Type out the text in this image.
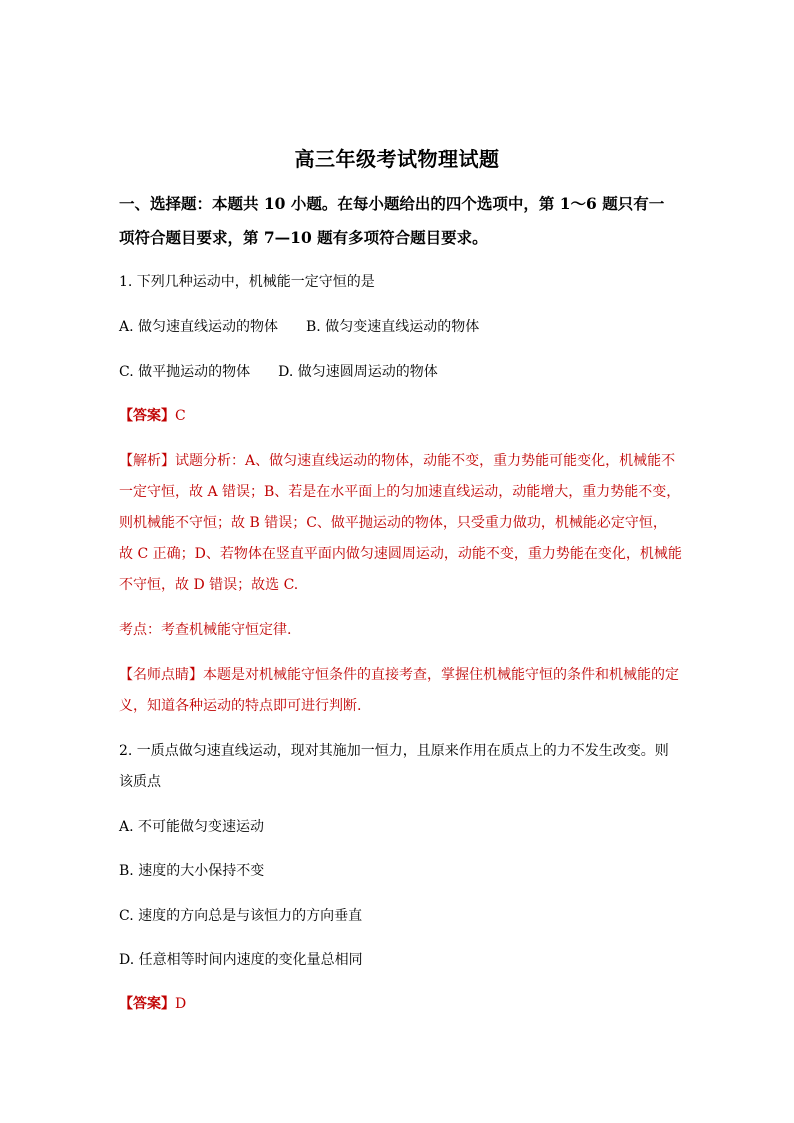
高三年级考试物理试题
一、选择题：本题共 10 小题。在每小题给出的四个选项中，第 1～6 题只有一
项符合题目要求，第 7—10 题有多项符合题目要求。
1. 下列几种运动中，机械能一定守恒的是
A. 做匀速直线运动的物体 B. 做匀变速直线运动的物体
C. 做平抛运动的物体 D. 做匀速圆周运动的物体
【答案】C
【解析】试题分析：A、做匀速直线运动的物体，动能不变，重力势能可能变化，机械能不
一定守恒，故 A 错误；B、若是在水平面上的匀加速直线运动，动能增大，重力势能不变，
则机械能不守恒；故 B 错误；C、做平抛运动的物体，只受重力做功，机械能必定守恒，
故 C 正确；D、若物体在竖直平面内做匀速圆周运动，动能不变，重力势能在变化，机械能
不守恒，故 D 错误；故选 C.
考点：考查机械能守恒定律.
【名师点睛】本题是对机械能守恒条件的直接考查，掌握住机械能守恒的条件和机械能的定
义，知道各种运动的特点即可进行判断.
2. 一质点做匀速直线运动，现对其施加一恒力，且原来作用在质点上的力不发生改变。则
该质点
A. 不可能做匀变速运动
B. 速度的大小保持不变
C. 速度的方向总是与该恒力的方向垂直
D. 任意相等时间内速度的变化量总相同
【答案】D
